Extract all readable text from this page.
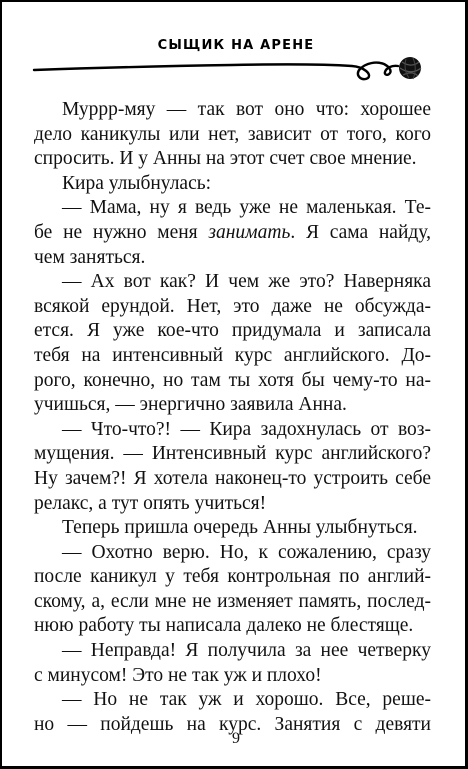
СЫЩИК НА АРЕНЕ
Муррр-мяу — так вот оно что: хорошее
дело каникулы или нет, зависит от того, кого
спросить. И у Анны на этот счет свое мнение.
Кира улыбнулась:
— Мама, ну я ведь уже не маленькая. Те-
бе не нужно меня занимать. Я сама найду,
чем заняться.
— Ах вот как? И чем же это? Наверняка
всякой ерундой. Нет, это даже не обсужда-
ется. Я уже кое-что придумала и записала
тебя на интенсивный курс английского. До-
рого, конечно, но там ты хотя бы чему-то на-
учишься, — энергично заявила Анна.
— Что-что?! — Кира задохнулась от воз-
мущения. — Интенсивный курс английского?
Ну зачем?! Я хотела наконец-то устроить себе
релакс, а тут опять учиться!
Теперь пришла очередь Анны улыбнуться.
— Охотно верю. Но, к сожалению, сразу
после каникул у тебя контрольная по англий-
скому, а, если мне не изменяет память, послед-
нюю работу ты написала далеко не блестяще.
— Неправда! Я получила за нее четверку
с минусом! Это не так уж и плохо!
— Но не так уж и хорошо. Все, реше-
но — пойдешь на курс. Занятия с девяти
9
